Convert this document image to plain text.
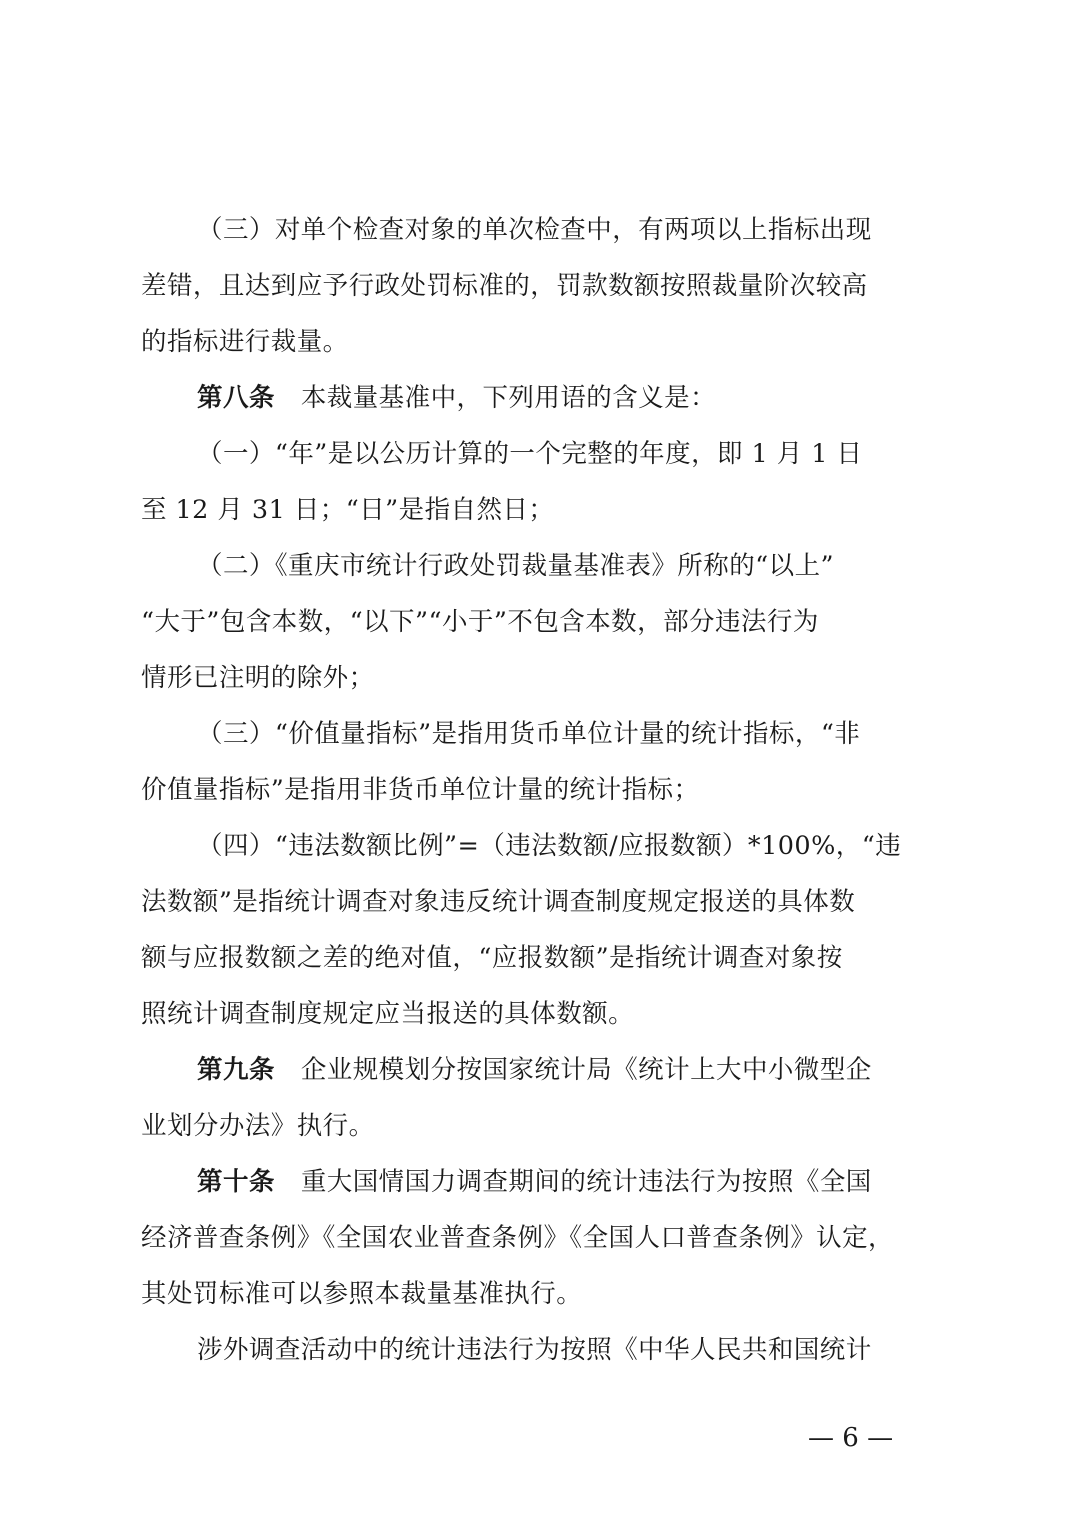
（三）对单个检查对象的单次检查中，有两项以上指标出现
差错，且达到应予行政处罚标准的，罚款数额按照裁量阶次较高
的指标进行裁量。
第八条  本裁量基准中，下列用语的含义是：
（一）“年”是以公历计算的一个完整的年度，即 1 月 1 日
至 12 月 31 日；“日”是指自然日；
（二）《重庆市统计行政处罚裁量基准表》所称的“以上”
“大于”包含本数，“以下”“小于”不包含本数，部分违法行为
情形已注明的除外；
（三）“价值量指标”是指用货币单位计量的统计指标，“非
价值量指标”是指用非货币单位计量的统计指标；
（四）“违法数额比例”=（违法数额/应报数额）*100%，“违
法数额”是指统计调查对象违反统计调查制度规定报送的具体数
额与应报数额之差的绝对值，“应报数额”是指统计调查对象按
照统计调查制度规定应当报送的具体数额。
第九条  企业规模划分按国家统计局《统计上大中小微型企
业划分办法》执行。
第十条  重大国情国力调查期间的统计违法行为按照《全国
经济普查条例》《全国农业普查条例》《全国人口普查条例》认定，
其处罚标准可以参照本裁量基准执行。
涉外调查活动中的统计违法行为按照《中华人民共和国统计
— 6 —
